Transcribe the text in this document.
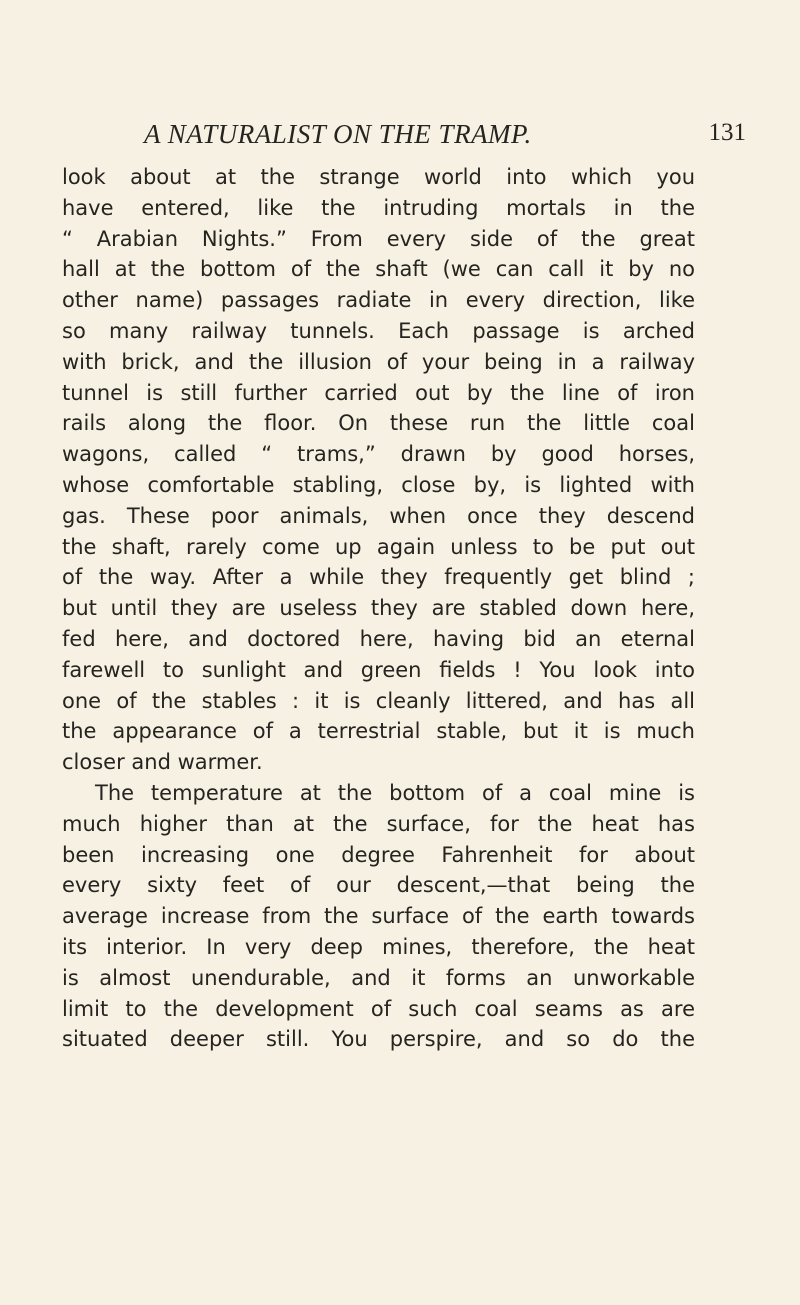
A NATURALIST ON THE TRAMP.	131
look about at the strange world into which you
have entered, like the intruding mortals in the
“ Arabian Nights.” From every side of the great
hall at the bottom of the shaft (we can call it by no
other name) passages radiate in every direction, like
so many railway tunnels. Each passage is arched
with brick, and the illusion of your being in a railway
tunnel is still further carried out by the line of iron
rails along the floor. On these run the little coal
wagons, called “ trams,” drawn by good horses,
whose comfortable stabling, close by, is lighted with
gas. These poor animals, when once they descend
the shaft, rarely come up again unless to be put out
of the way. After a while they frequently get blind ;
but until they are useless they are stabled down here,
fed here, and doctored here, having bid an eternal
farewell to sunlight and green fields ! You look into
one of the stables : it is cleanly littered, and has all
the appearance of a terrestrial stable, but it is much
closer and warmer.
The temperature at the bottom of a coal mine is
much higher than at the surface, for the heat has
been increasing one degree Fahrenheit for about
every sixty feet of our descent,—that being the
average increase from the surface of the earth towards
its interior. In very deep mines, therefore, the heat
is almost unendurable, and it forms an unworkable
limit to the development of such coal seams as are
situated deeper still. You perspire, and so do the
